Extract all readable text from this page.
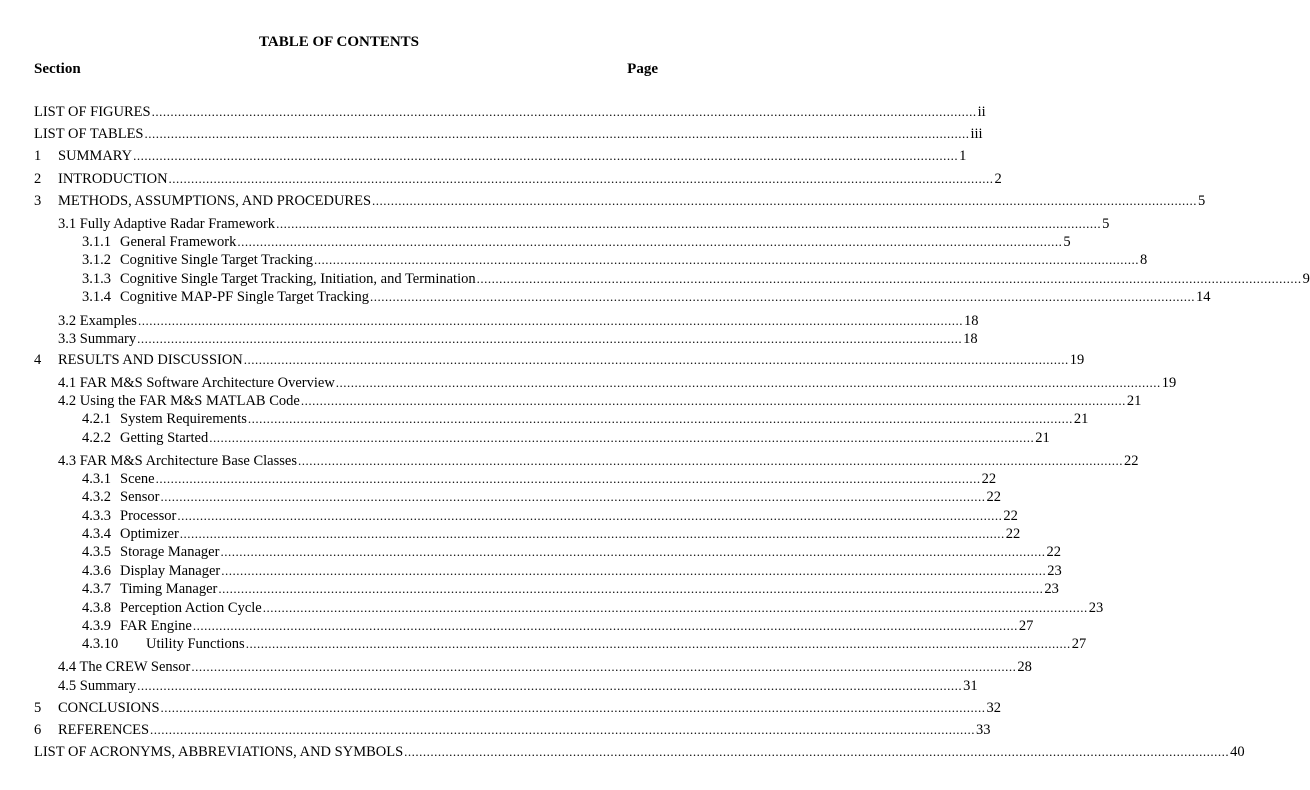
TABLE OF CONTENTS
Section	Page
LIST OF FIGURES ............................................................................................................................................................................................................................ ii
LIST OF TABLES ............................................................................................................................................................................................................................ iii
1	SUMMARY ............................................................................................................................................................................................................................ 1
2	INTRODUCTION ............................................................................................................................................................................................................................ 2
3	METHODS, ASSUMPTIONS, AND PROCEDURES ............................................................................................................................................................................................................................ 5
3.1 Fully Adaptive Radar Framework ............................................................................................................................................................................................................................ 5
3.1.1 General Framework ............................................................................................................................................................................................................................ 5
3.1.2 Cognitive Single Target Tracking ............................................................................................................................................................................................................................ 8
3.1.3 Cognitive Single Target Tracking, Initiation, and Termination ............................................................................................................................................................................................................................ 9
3.1.4 Cognitive MAP-PF Single Target Tracking ............................................................................................................................................................................................................................ 14
3.2 Examples ............................................................................................................................................................................................................................ 18
3.3 Summary ............................................................................................................................................................................................................................ 18
4	RESULTS AND DISCUSSION ............................................................................................................................................................................................................................ 19
4.1 FAR M&S Software Architecture Overview ............................................................................................................................................................................................................................ 19
4.2 Using the FAR M&S MATLAB Code ............................................................................................................................................................................................................................ 21
4.2.1 System Requirements ............................................................................................................................................................................................................................ 21
4.2.2 Getting Started ............................................................................................................................................................................................................................ 21
4.3 FAR M&S Architecture Base Classes ............................................................................................................................................................................................................................ 22
4.3.1 Scene ............................................................................................................................................................................................................................ 22
4.3.2 Sensor ............................................................................................................................................................................................................................ 22
4.3.3 Processor ............................................................................................................................................................................................................................ 22
4.3.4 Optimizer ............................................................................................................................................................................................................................ 22
4.3.5 Storage Manager ............................................................................................................................................................................................................................ 22
4.3.6 Display Manager ............................................................................................................................................................................................................................ 23
4.3.7 Timing Manager ............................................................................................................................................................................................................................ 23
4.3.8 Perception Action Cycle ............................................................................................................................................................................................................................ 23
4.3.9 FAR Engine ............................................................................................................................................................................................................................ 27
4.3.10	Utility Functions ............................................................................................................................................................................................................................ 27
4.4 The CREW Sensor ............................................................................................................................................................................................................................ 28
4.5 Summary ............................................................................................................................................................................................................................ 31
5	CONCLUSIONS ............................................................................................................................................................................................................................ 32
6	REFERENCES ............................................................................................................................................................................................................................ 33
LIST OF ACRONYMS, ABBREVIATIONS, AND SYMBOLS ............................................................................................................................................................................................................................ 40
